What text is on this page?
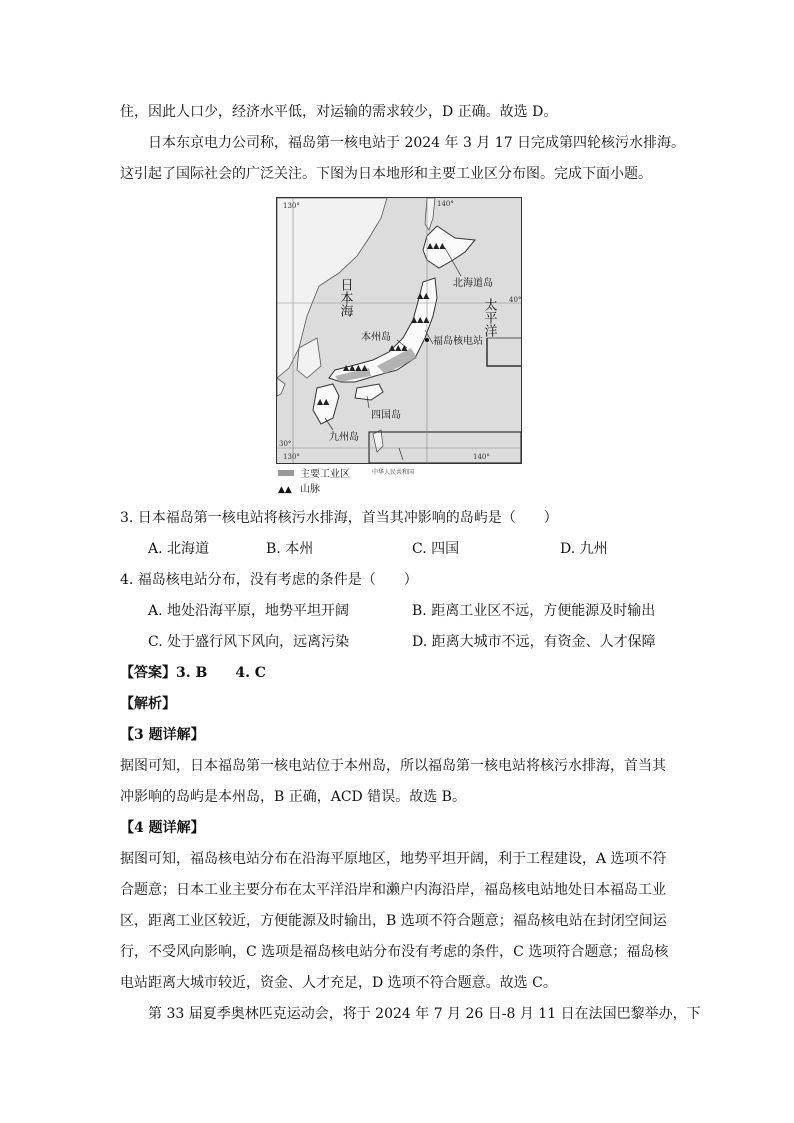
住，因此人口少，经济水平低，对运输的需求较少，D 正确。故选 D。
日本东京电力公司称，福岛第一核电站于 2024 年 3 月 17 日完成第四轮核污水排海。
这引起了国际社会的广泛关注。下图为日本地形和主要工业区分布图。完成下面小题。
▲▲▲
▲▲
▲▲▲
▲▲▲
▲▲▲▲
▲▲
130°	140°
40°
30°
130°	140°
日本海
太平洋
北海道岛
本州岛	福岛核电站
四国岛
九州岛
主要工业区
▲▲ 山脉
中华人民共和国
3. 日本福岛第一核电站将核污水排海，首当其冲影响的岛屿是（　　）
A. 北海道	B. 本州	C. 四国	D. 九州
4. 福岛核电站分布，没有考虑的条件是（　　）
A. 地处沿海平原，地势平坦开阔	B. 距离工业区不远，方便能源及时输出
C. 处于盛行风下风向，远离污染	D. 距离大城市不远，有资金、人才保障
【答案】3. B　　4. C
【解析】
【3 题详解】
据图可知，日本福岛第一核电站位于本州岛，所以福岛第一核电站将核污水排海，首当其
冲影响的岛屿是本州岛，B 正确，ACD 错误。故选 B。
【4 题详解】
据图可知，福岛核电站分布在沿海平原地区，地势平坦开阔，利于工程建设，A 选项不符
合题意；日本工业主要分布在太平洋沿岸和濑户内海沿岸，福岛核电站地处日本福岛工业
区，距离工业区较近，方便能源及时输出，B 选项不符合题意；福岛核电站在封闭空间运
行，不受风向影响，C 选项是福岛核电站分布没有考虑的条件，C 选项符合题意；福岛核
电站距离大城市较近，资金、人才充足，D 选项不符合题意。故选 C。
第 33 届夏季奥林匹克运动会，将于 2024 年 7 月 26 日-8 月 11 日在法国巴黎举办，下
